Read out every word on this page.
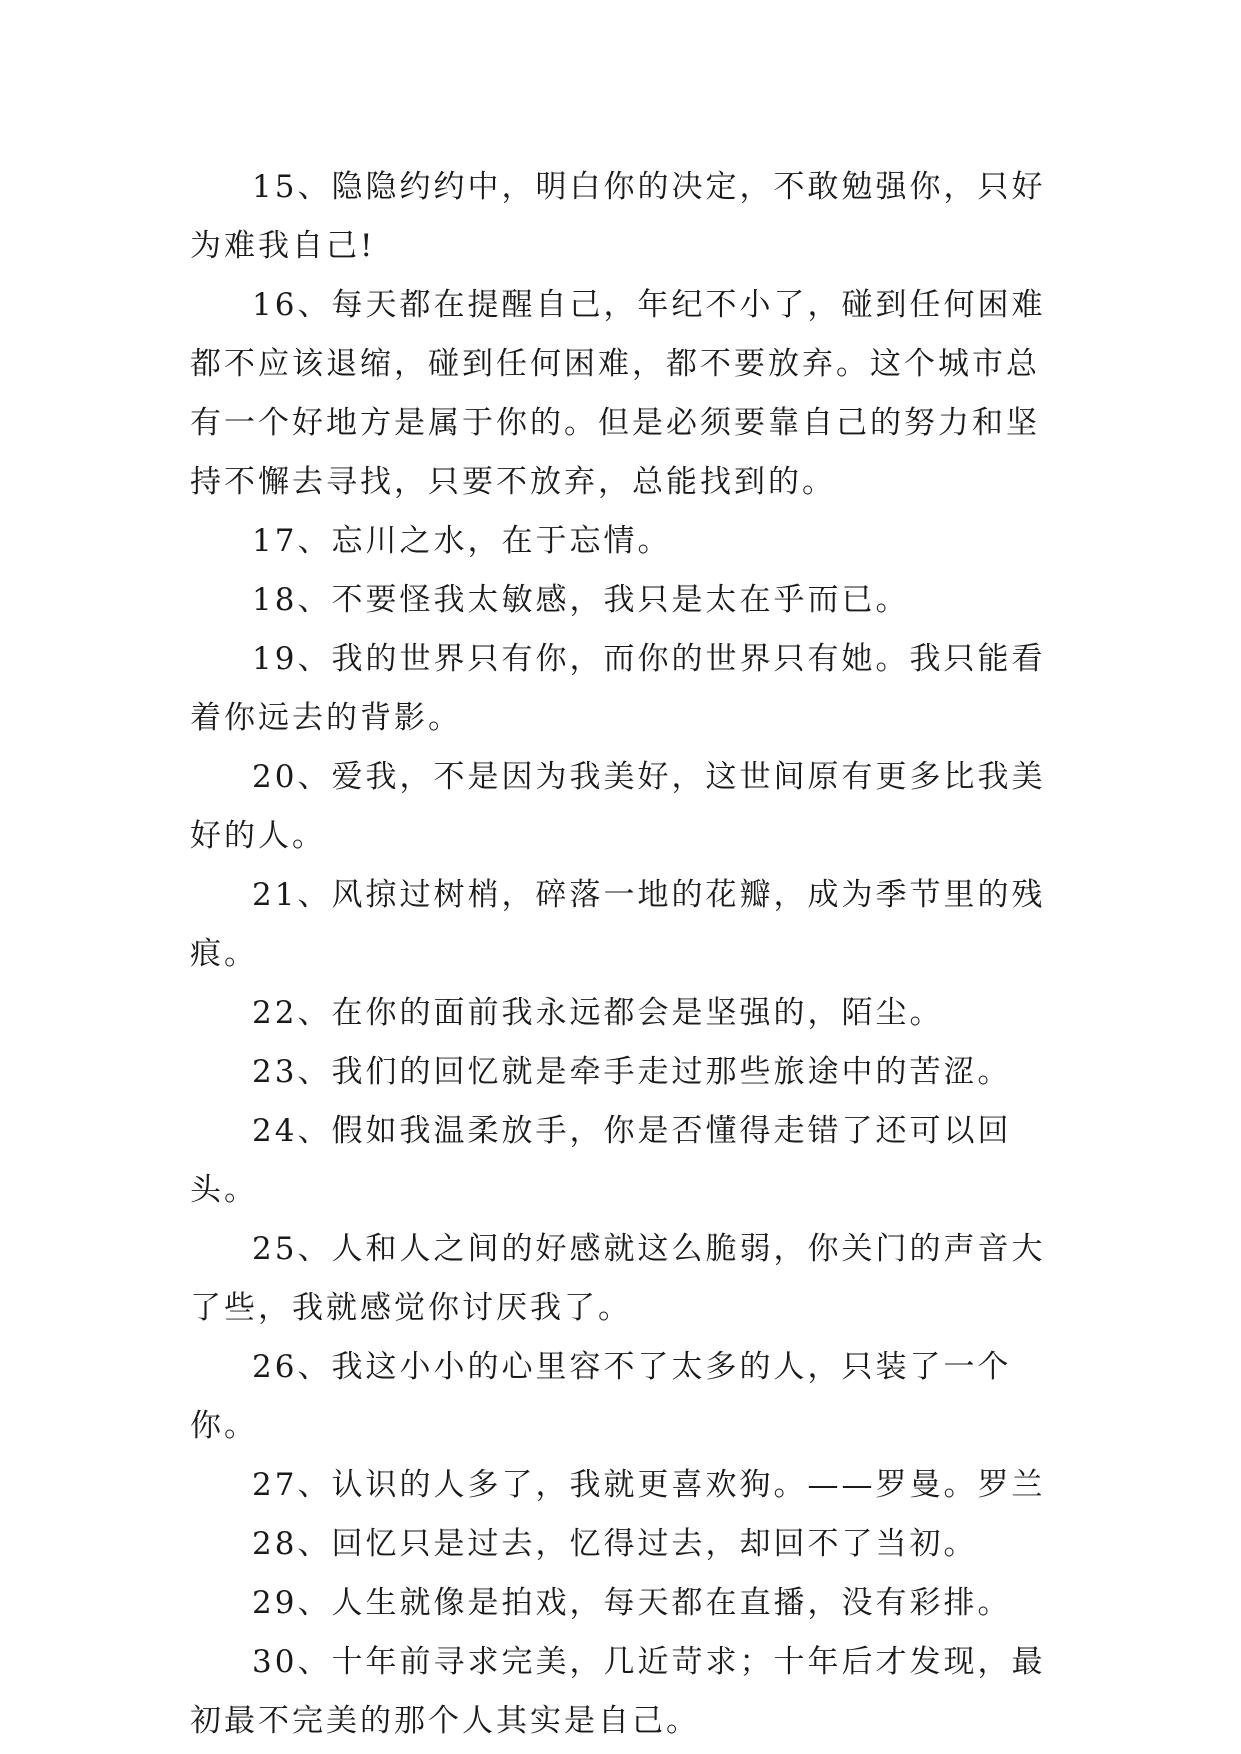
15、隐隐约约中，明白你的决定，不敢勉强你，只好为难我自己!

16、每天都在提醒自己，年纪不小了，碰到任何困难都不应该退缩，碰到任何困难，都不要放弃。这个城市总有一个好地方是属于你的。但是必须要靠自己的努力和坚持不懈去寻找，只要不放弃，总能找到的。

17、忘川之水，在于忘情。

18、不要怪我太敏感，我只是太在乎而已。

19、我的世界只有你，而你的世界只有她。我只能看着你远去的背影。

20、爱我，不是因为我美好，这世间原有更多比我美好的人。

21、风掠过树梢，碎落一地的花瓣，成为季节里的残痕。

22、在你的面前我永远都会是坚强的，陌尘。

23、我们的回忆就是牵手走过那些旅途中的苦涩。

24、假如我温柔放手，你是否懂得走错了还可以回头。

25、人和人之间的好感就这么脆弱，你关门的声音大了些，我就感觉你讨厌我了。

26、我这小小的心里容不了太多的人，只装了一个你。

27、认识的人多了，我就更喜欢狗。——罗曼。罗兰

28、回忆只是过去，忆得过去，却回不了当初。

29、人生就像是拍戏，每天都在直播，没有彩排。

30、十年前寻求完美，几近苛求；十年后才发现，最初最不完美的那个人其实是自己。
